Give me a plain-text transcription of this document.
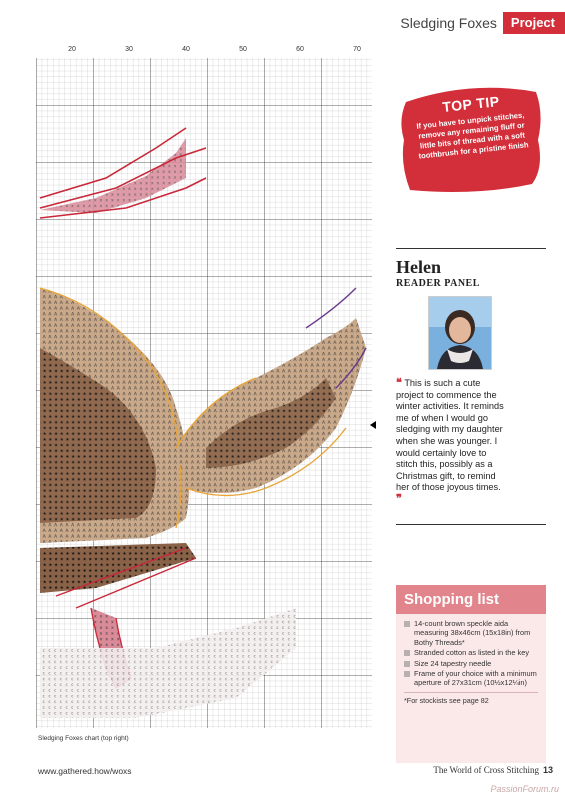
Sledging Foxes	Project
20	30	40	50	60	70
Sledging Foxes chart (top right)
TOP TIP
If you have to unpick stitches, remove any remaining fluff or little bits of thread with a soft toothbrush for a pristine finish
Helen
READER PANEL
❝ This is such a cute project to commence the winter activities. It reminds me of when I would go sledging with my daughter when she was younger. I would certainly love to stitch this, possibly as a Christmas gift, to remind her of those joyous times. ❞
Shopping list
14-count brown speckle aida measuring 38x46cm (15x18in) from Bothy Threads*
Stranded cotton as listed in the key
Size 24 tapestry needle
Frame of your choice with a minimum aperture of 27x31cm (10½x12¼in)
*For stockists see page 82
www.gathered.how/woxs	The World of Cross Stitching 13
PassionForum.ru
